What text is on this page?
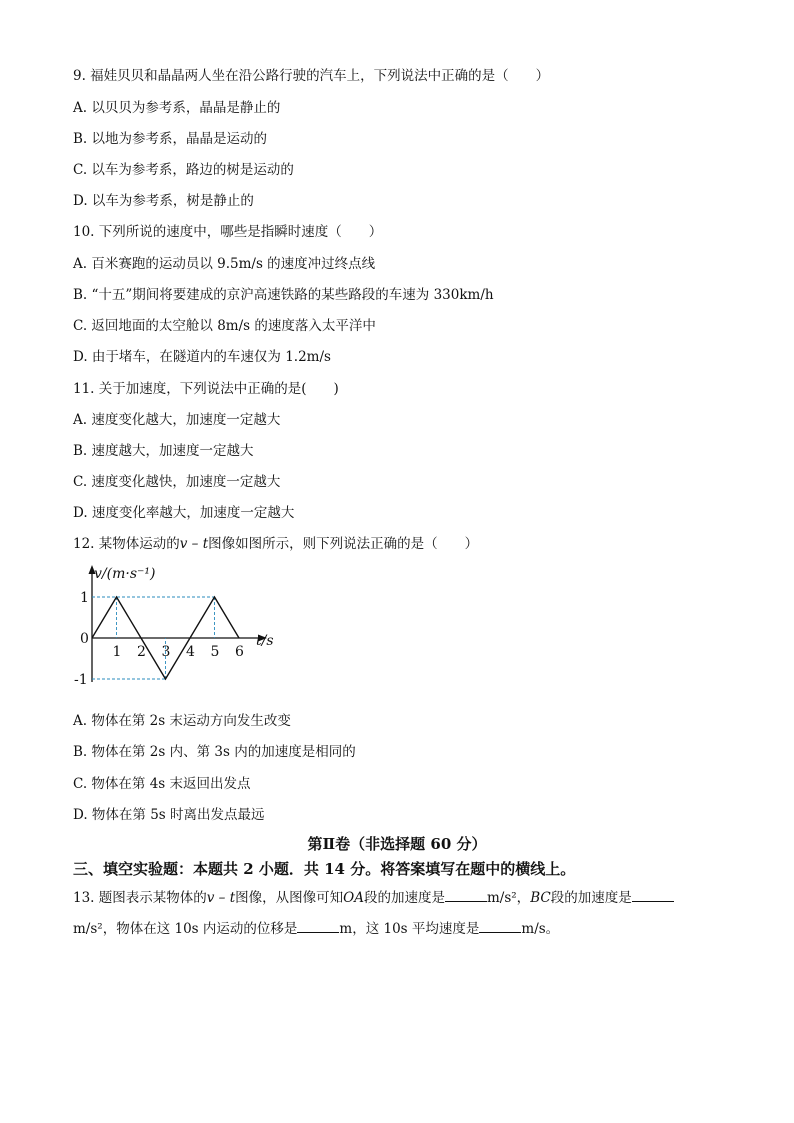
9. 福娃贝贝和晶晶两人坐在沿公路行驶的汽车上，下列说法中正确的是（　　）
A. 以贝贝为参考系，晶晶是静止的
B. 以地为参考系，晶晶是运动的
C. 以车为参考系，路边的树是运动的
D. 以车为参考系，树是静止的
10. 下列所说的速度中，哪些是指瞬时速度（　　）
A. 百米赛跑的运动员以 9.5m/s 的速度冲过终点线
B. “十五”期间将要建成的京沪高速铁路的某些路段的车速为 330km/h
C. 返回地面的太空舱以 8m/s 的速度落入太平洋中
D. 由于堵车，在隧道内的车速仅为 1.2m/s
11. 关于加速度，下列说法中正确的是(　　)
A. 速度变化越大，加速度一定越大
B. 速度越大，加速度一定越大
C. 速度变化越快，加速度一定越大
D. 速度变化率越大，加速度一定越大
12. 某物体运动的v – t图像如图所示，则下列说法正确的是（　　）
v/(m·s⁻¹)
t/s
1 2 3 4 5 6
1
0
-1
A. 物体在第 2s 末运动方向发生改变
B. 物体在第 2s 内、第 3s 内的加速度是相同的
C. 物体在第 4s 末返回出发点
D. 物体在第 5s 时离出发点最远
第Ⅱ卷（非选择题 60 分）
三、填空实验题：本题共 2 小题．共 14 分。将答案填写在题中的横线上。
13. 题图表示某物体的v – t图像，从图像可知OA段的加速度是	m/s²，BC段的加速度是
m/s²，物体在这 10s 内运动的位移是	m，这 10s 平均速度是	m/s。
